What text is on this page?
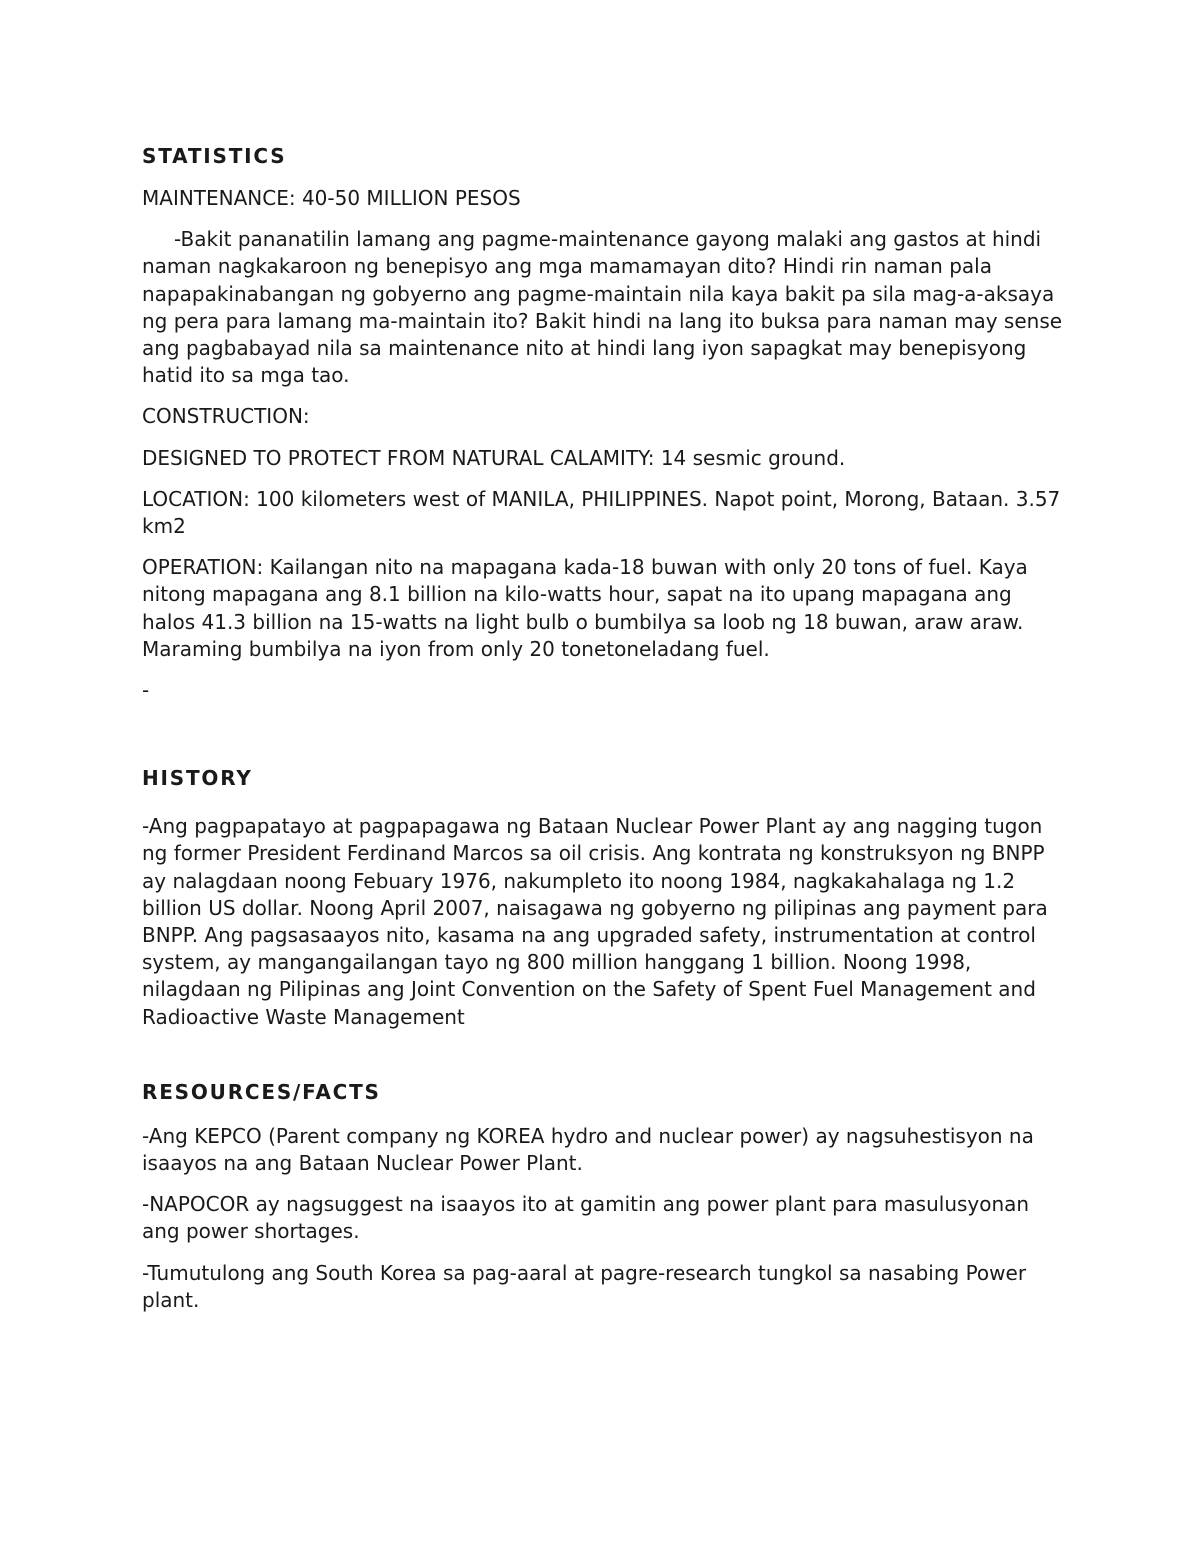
STATISTICS

MAINTENANCE: 40-50 MILLION PESOS

-Bakit pananatilin lamang ang pagme-maintenance gayong malaki ang gastos at hindi naman nagkakaroon ng benepisyo ang mga mamamayan dito? Hindi rin naman pala napapakinabangan ng gobyerno ang pagme-maintain nila kaya bakit pa sila mag-a-aksaya ng pera para lamang ma-maintain ito? Bakit hindi na lang ito buksa para naman may sense ang pagbabayad nila sa maintenance nito at hindi lang iyon sapagkat may benepisyong hatid ito sa mga tao.

CONSTRUCTION:

DESIGNED TO PROTECT FROM NATURAL CALAMITY: 14 sesmic ground.

LOCATION: 100 kilometers west of MANILA, PHILIPPINES. Napot point, Morong, Bataan. 3.57 km2

OPERATION: Kailangan nito na mapagana kada-18 buwan with only 20 tons of fuel. Kaya nitong mapagana ang 8.1 billion na kilo-watts hour, sapat na ito upang mapagana ang halos 41.3 billion na 15-watts na light bulb o bumbilya sa loob ng 18 buwan, araw araw. Maraming bumbilya na iyon from only 20 tonetoneladang fuel.

-

HISTORY

-Ang pagpapatayo at pagpapagawa ng Bataan Nuclear Power Plant ay ang nagging tugon ng former President Ferdinand Marcos sa oil crisis. Ang kontrata ng konstruksyon ng BNPP ay nalagdaan noong Febuary 1976, nakumpleto ito noong 1984, nagkakahalaga ng 1.2 billion US dollar. Noong April 2007, naisagawa ng gobyerno ng pilipinas ang payment para BNPP. Ang pagsasaayos nito, kasama na ang upgraded safety, instrumentation at control system, ay mangangailangan tayo ng 800 million hanggang 1 billion. Noong 1998, nilagdaan ng Pilipinas ang Joint Convention on the Safety of Spent Fuel Management and Radioactive Waste Management

RESOURCES/FACTS

-Ang KEPCO (Parent company ng KOREA hydro and nuclear power) ay nagsuhestisyon na isaayos na ang Bataan Nuclear Power Plant.

-NAPOCOR ay nagsuggest na isaayos ito at gamitin ang power plant para masulusyonan ang power shortages.

-Tumutulong ang South Korea sa pag-aaral at pagre-research tungkol sa nasabing Power plant.
